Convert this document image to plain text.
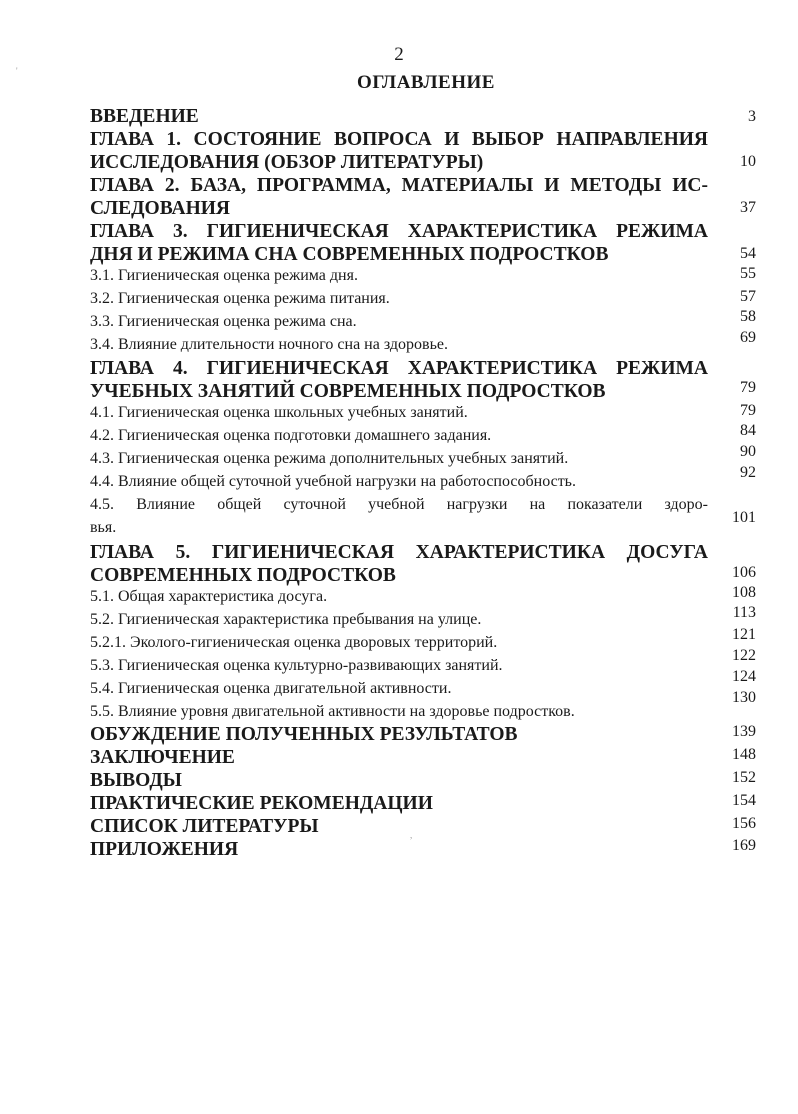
2
ОГЛАВЛЕНИЕ
ВВЕДЕНИЕ
ГЛАВА 1. СОСТОЯНИЕ ВОПРОСА И ВЫБОР НАПРАВЛЕНИЯ
ИССЛЕДОВАНИЯ (ОБЗОР ЛИТЕРАТУРЫ)
ГЛАВА 2. БАЗА, ПРОГРАММА, МАТЕРИАЛЫ И МЕТОДЫ ИС-
СЛЕДОВАНИЯ
ГЛАВА 3. ГИГИЕНИЧЕСКАЯ ХАРАКТЕРИСТИКА РЕЖИМА
ДНЯ И РЕЖИМА СНА СОВРЕМЕННЫХ ПОДРОСТКОВ
3.1. Гигиеническая оценка режима дня.
3.2. Гигиеническая оценка режима питания.
3.3. Гигиеническая оценка режима сна.
3.4. Влияние длительности ночного сна на здоровье.
ГЛАВА 4. ГИГИЕНИЧЕСКАЯ ХАРАКТЕРИСТИКА РЕЖИМА
УЧЕБНЫХ ЗАНЯТИЙ СОВРЕМЕННЫХ ПОДРОСТКОВ
4.1. Гигиеническая оценка школьных учебных занятий.
4.2. Гигиеническая оценка подготовки домашнего задания.
4.3. Гигиеническая оценка режима дополнительных учебных занятий.
4.4. Влияние общей суточной учебной нагрузки на работоспособность.
4.5. Влияние общей суточной учебной нагрузки на показатели здоро-
вья.
ГЛАВА 5. ГИГИЕНИЧЕСКАЯ ХАРАКТЕРИСТИКА ДОСУГА
СОВРЕМЕННЫХ ПОДРОСТКОВ
5.1. Общая характеристика досуга.
5.2. Гигиеническая характеристика пребывания на улице.
5.2.1. Эколого-гигиеническая оценка дворовых территорий.
5.3. Гигиеническая оценка культурно-развивающих занятий.
5.4. Гигиеническая оценка двигательной активности.
5.5. Влияние уровня двигательной активности на здоровье подростков.
ОБУЖДЕНИЕ ПОЛУЧЕННЫХ РЕЗУЛЬТАТОВ
ЗАКЛЮЧЕНИЕ
ВЫВОДЫ
ПРАКТИЧЕСКИЕ РЕКОМЕНДАЦИИ
СПИСОК ЛИТЕРАТУРЫ
ПРИЛОЖЕНИЯ
3
10
37
54
55
57
58
69
79
79
84
90
92
101
106
108
113
121
122
124
130
139
148
152
154
156
169
'
,
